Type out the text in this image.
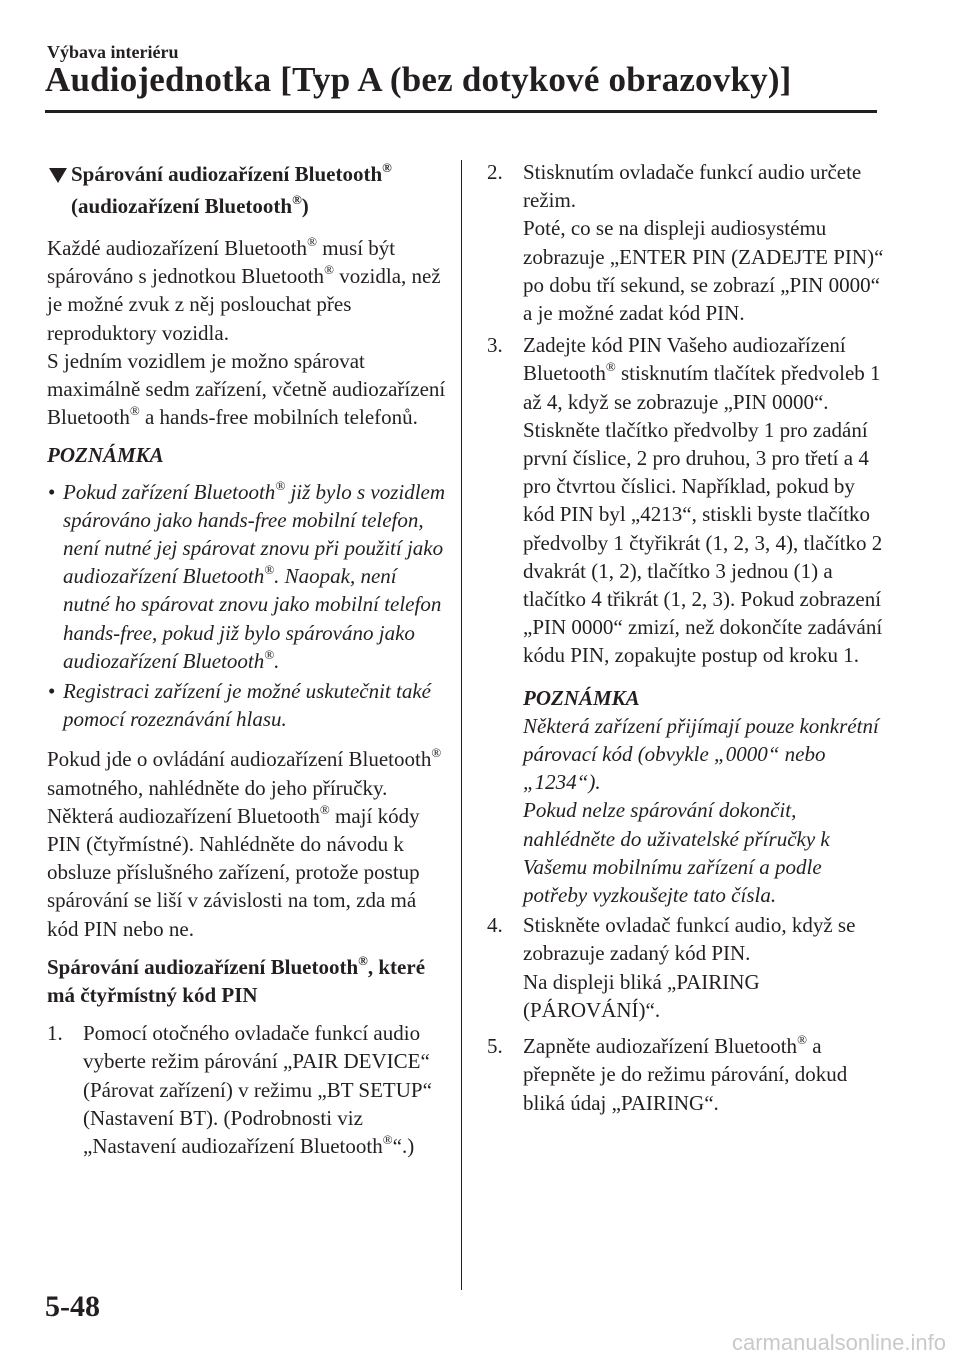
Výbava interiéru
Audiojednotka [Typ A (bez dotykové obrazovky)]
Spárování audiozařízení Bluetooth®
(audiozařízení Bluetooth®)

Každé audiozařízení Bluetooth® musí být spárováno s jednotkou Bluetooth® vozidla, než je možné zvuk z něj poslouchat přes reproduktory vozidla.
S jedním vozidlem je možno spárovat maximálně sedm zařízení, včetně audiozařízení Bluetooth® a hands-free mobilních telefonů.

POZNÁMKA
• Pokud zařízení Bluetooth® již bylo s vozidlem spárováno jako hands-free mobilní telefon, není nutné jej spárovat znovu při použití jako audiozařízení Bluetooth®. Naopak, není nutné ho spárovat znovu jako mobilní telefon hands-free, pokud již bylo spárováno jako audiozařízení Bluetooth®.
• Registraci zařízení je možné uskutečnit také pomocí rozeznávání hlasu.

Pokud jde o ovládání audiozařízení Bluetooth® samotného, nahlédněte do jeho příručky.
Některá audiozařízení Bluetooth® mají kódy PIN (čtyřmístné). Nahlédněte do návodu k obsluze příslušného zařízení, protože postup spárování se liší v závislosti na tom, zda má kód PIN nebo ne.

Spárování audiozařízení Bluetooth®, které má čtyřmístný kód PIN
1. Pomocí otočného ovladače funkcí audio vyberte režim párování „PAIR DEVICE“ (Párovat zařízení) v režimu „BT SETUP“ (Nastavení BT). (Podrobnosti viz „Nastavení audiozařízení Bluetooth®“.)
2. Stisknutím ovladače funkcí audio určete režim.
Poté, co se na displeji audiosystému zobrazuje „ENTER PIN (ZADEJTE PIN)“ po dobu tří sekund, se zobrazí „PIN 0000“ a je možné zadat kód PIN.
3. Zadejte kód PIN Vašeho audiozařízení Bluetooth® stisknutím tlačítek předvoleb 1 až 4, když se zobrazuje „PIN 0000“.
Stiskněte tlačítko předvolby 1 pro zadání první číslice, 2 pro druhou, 3 pro třetí a 4 pro čtvrtou číslici. Například, pokud by kód PIN byl „4213“, stiskli byste tlačítko předvolby 1 čtyřikrát (1, 2, 3, 4), tlačítko 2 dvakrát (1, 2), tlačítko 3 jednou (1) a tlačítko 4 třikrát (1, 2, 3). Pokud zobrazení „PIN 0000“ zmizí, než dokončíte zadávání kódu PIN, zopakujte postup od kroku 1.
POZNÁMKA
Některá zařízení přijímají pouze konkrétní párovací kód (obvykle „0000“ nebo „1234“).
Pokud nelze spárování dokončit, nahlédněte do uživatelské příručky k Vašemu mobilnímu zařízení a podle potřeby vyzkoušejte tato čísla.
4. Stiskněte ovladač funkcí audio, když se zobrazuje zadaný kód PIN.
Na displeji bliká „PAIRING (PÁROVÁNÍ)“.
5. Zapněte audiozařízení Bluetooth® a přepněte je do režimu párování, dokud bliká údaj „PAIRING“.
5-48
carmanualsonline.info
